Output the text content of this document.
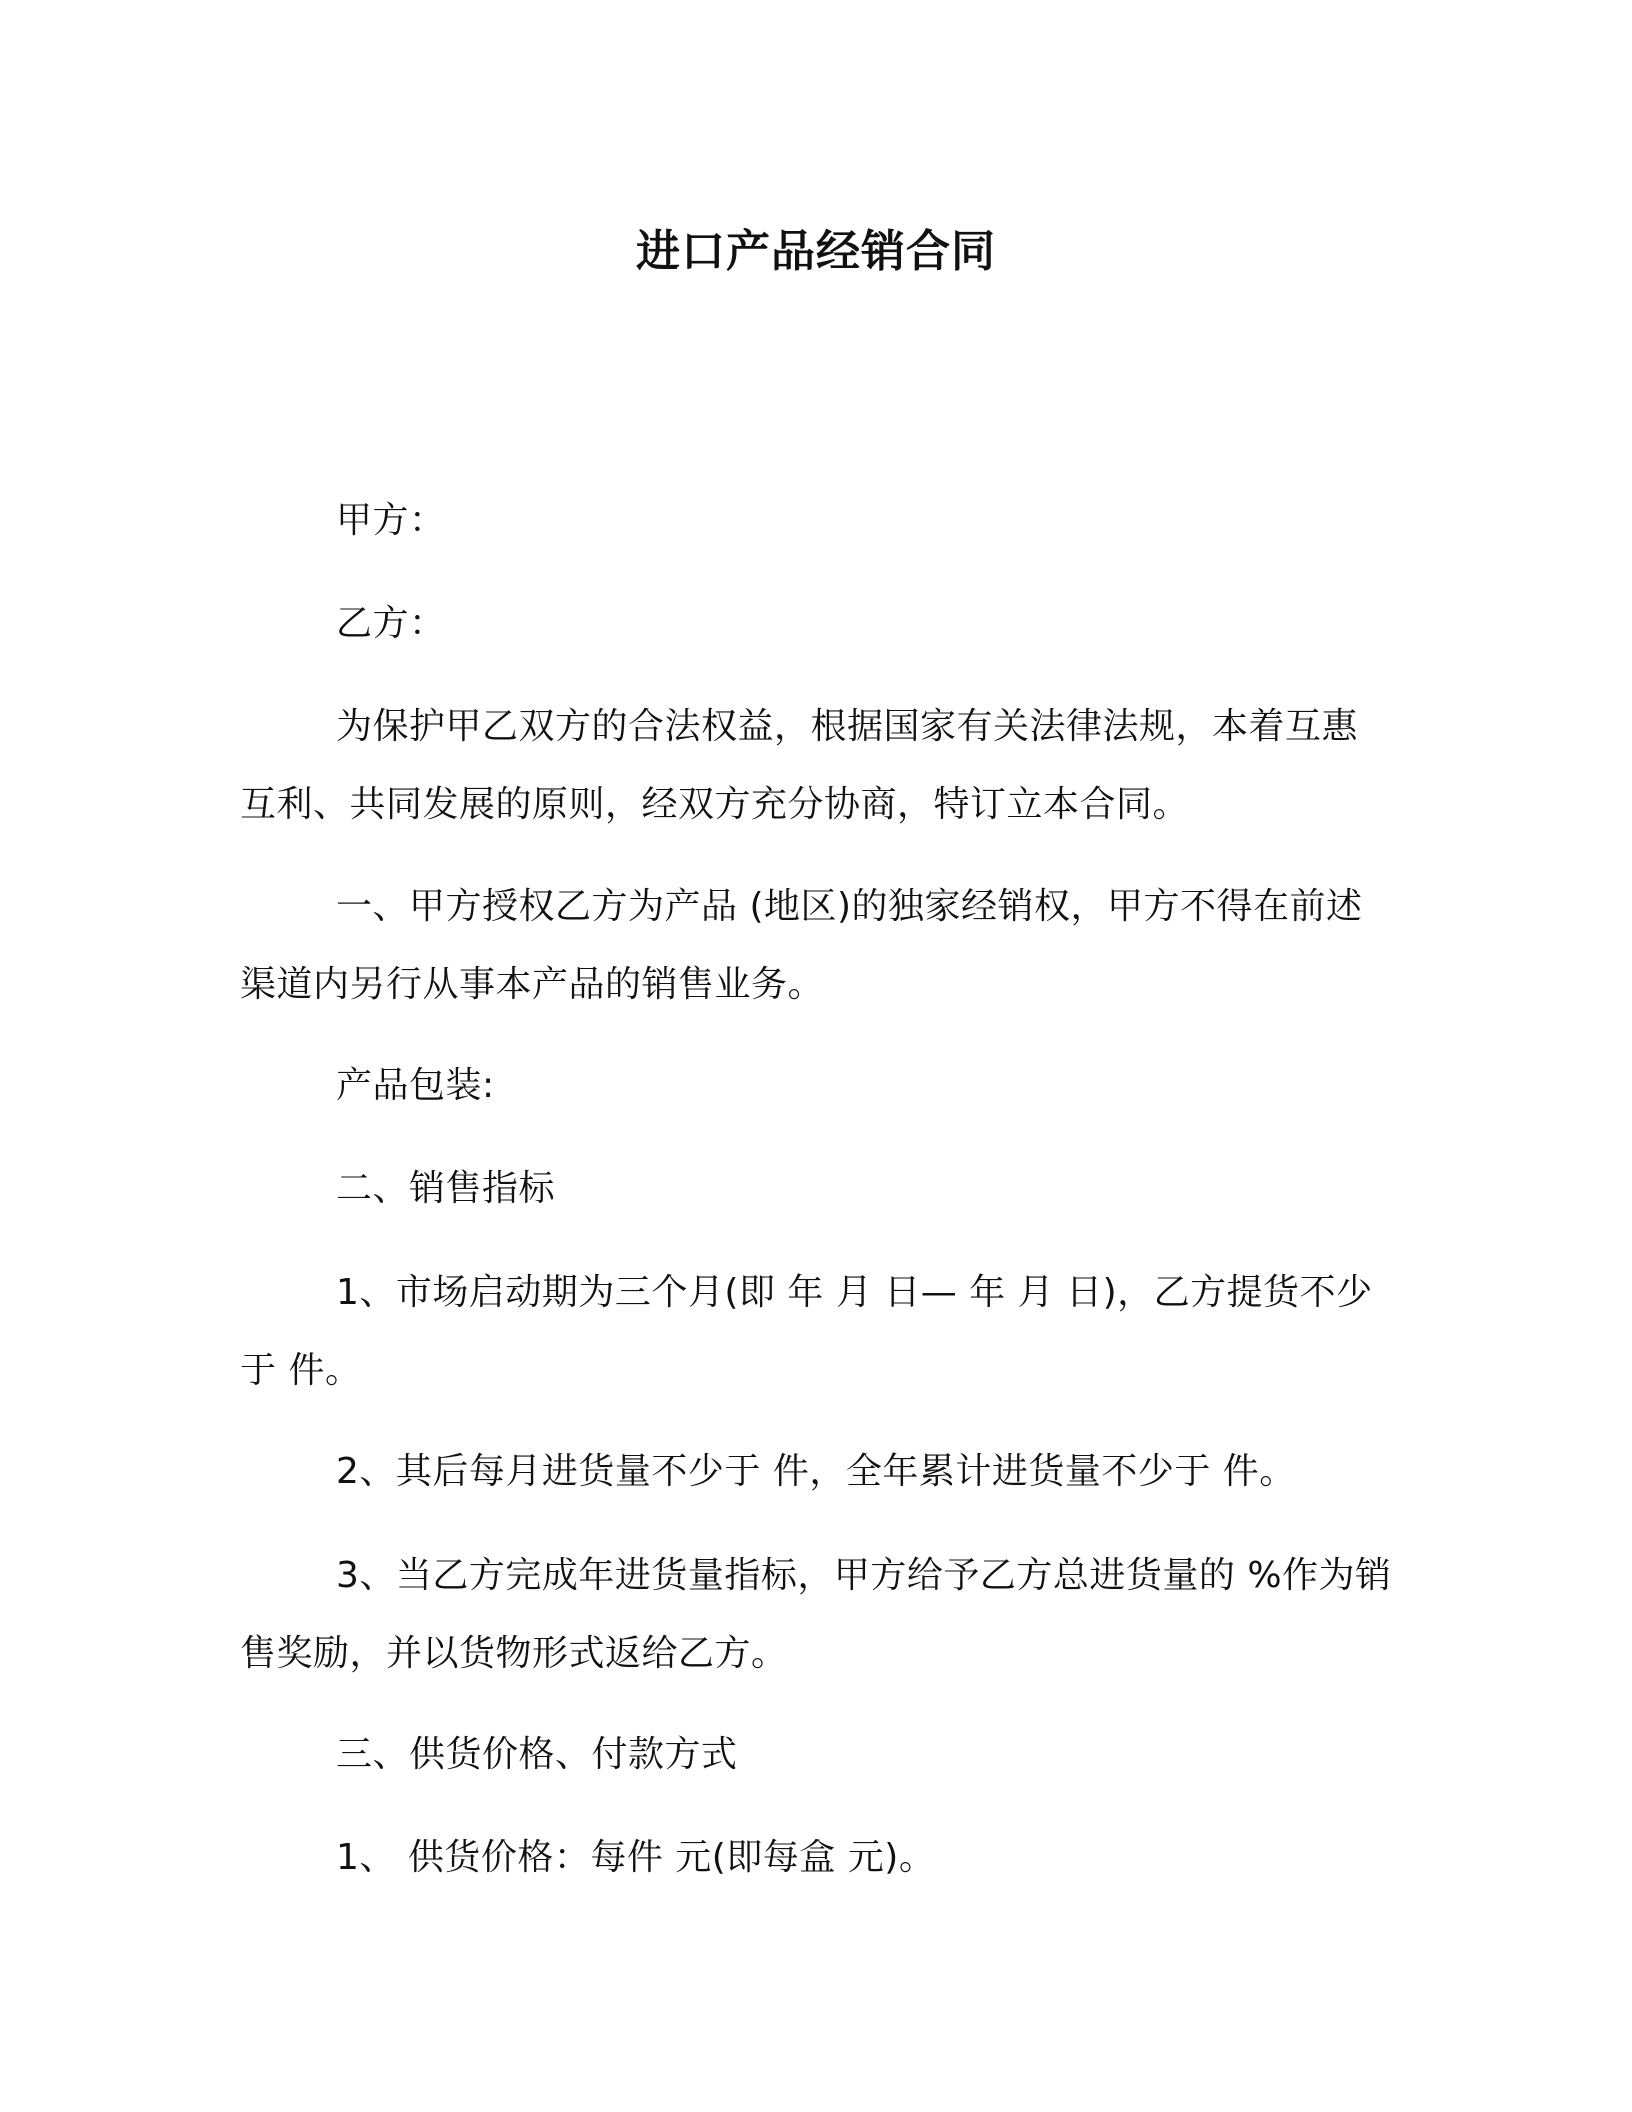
进口产品经销合同

甲方：

乙方：

为保护甲乙双方的合法权益，根据国家有关法律法规，本着互惠互利、共同发展的原则，经双方充分协商，特订立本合同。

一、甲方授权乙方为产品 (地区)的独家经销权，甲方不得在前述渠道内另行从事本产品的销售业务。

产品包装:

二、销售指标

1、市场启动期为三个月(即 年 月 日— 年 月 日)，乙方提货不少于 件。

2、其后每月进货量不少于 件，全年累计进货量不少于 件。

3、当乙方完成年进货量指标，甲方给予乙方总进货量的 %作为销售奖励，并以货物形式返给乙方。

三、供货价格、付款方式

1、 供货价格：每件 元(即每盒 元)。
